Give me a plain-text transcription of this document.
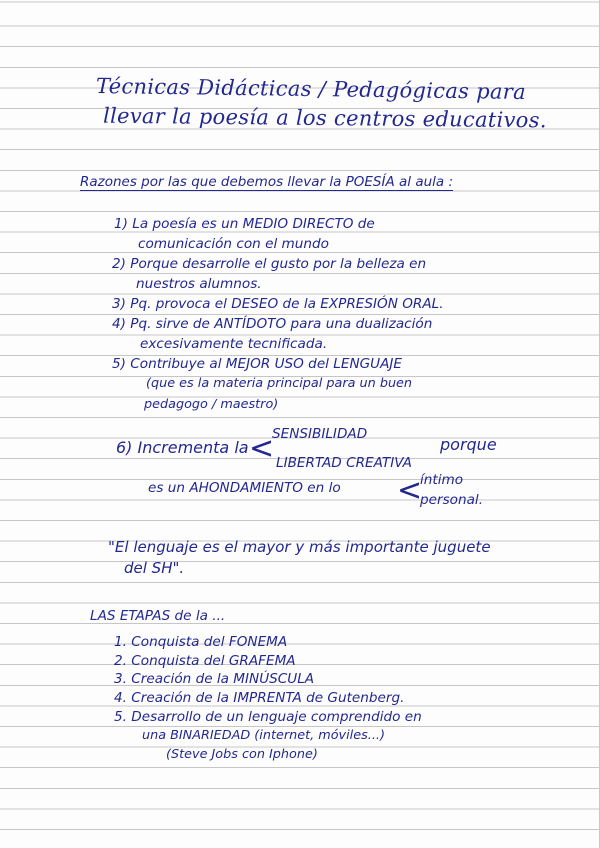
Técnicas Didácticas / Pedagógicas para
llevar la poesía a los centros educativos.
Razones por las que debemos llevar la POESÍA al aula :
1) La poesía es un MEDIO DIRECTO de
comunicación con el mundo
2) Porque desarrolle el gusto por la belleza en
nuestros alumnos.
3) Pq. provoca el DESEO de la EXPRESIÓN ORAL.
4) Pq. sirve de ANTÍDOTO para una dualización
excesivamente tecnificada.
5) Contribuye al MEJOR USO del LENGUAJE
(que es la materia principal para un buen
pedagogo / maestro)
6) Incrementa la <
SENSIBILIDAD
LIBERTAD CREATIVA
porque
es un AHONDAMIENTO en lo <
íntimo
personal.
"El lenguaje es el mayor y más importante juguete
del SH".
LAS ETAPAS de la ...
1. Conquista del FONEMA
2. Conquista del GRAFEMA
3. Creación de la MINÚSCULA
4. Creación de la IMPRENTA de Gutenberg.
5. Desarrollo de un lenguaje comprendido en
una BINARIEDAD (internet, móviles...)
(Steve Jobs con Iphone)
